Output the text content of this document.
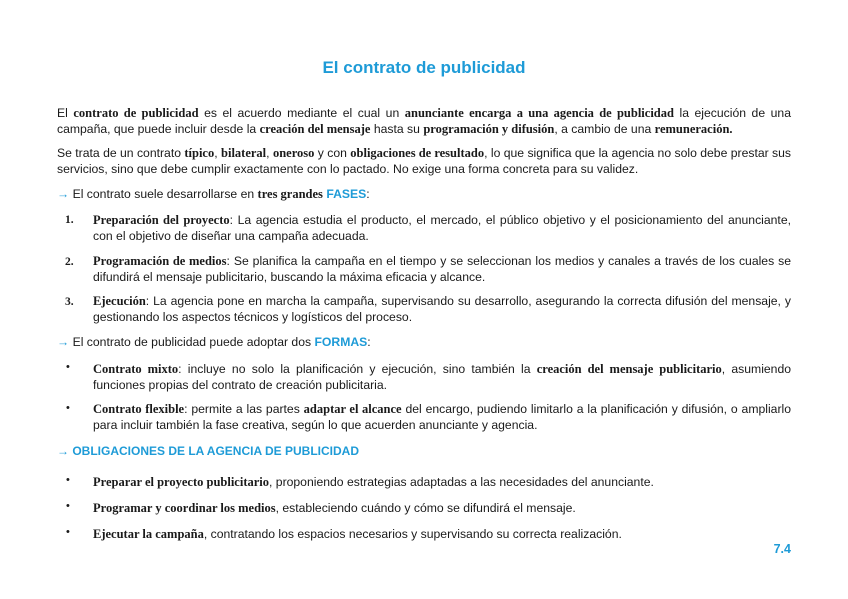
El contrato de publicidad
El contrato de publicidad es el acuerdo mediante el cual un anunciante encarga a una agencia de publicidad la ejecución de una campaña, que puede incluir desde la creación del mensaje hasta su programación y difusión, a cambio de una remuneración.
Se trata de un contrato típico, bilateral, oneroso y con obligaciones de resultado, lo que significa que la agencia no solo debe prestar sus servicios, sino que debe cumplir exactamente con lo pactado. No exige una forma concreta para su validez.
→ El contrato suele desarrollarse en tres grandes FASES:
1.	Preparación del proyecto: La agencia estudia el producto, el mercado, el público objetivo y el posicionamiento del anunciante, con el objetivo de diseñar una campaña adecuada.
2.	Programación de medios: Se planifica la campaña en el tiempo y se seleccionan los medios y canales a través de los cuales se difundirá el mensaje publicitario, buscando la máxima eficacia y alcance.
3.	Ejecución: La agencia pone en marcha la campaña, supervisando su desarrollo, asegurando la correcta difusión del mensaje, y gestionando los aspectos técnicos y logísticos del proceso.
→ El contrato de publicidad puede adoptar dos FORMAS:
• Contrato mixto: incluye no solo la planificación y ejecución, sino también la creación del mensaje publicitario, asumiendo funciones propias del contrato de creación publicitaria.
• Contrato flexible: permite a las partes adaptar el alcance del encargo, pudiendo limitarlo a la planificación y difusión, o ampliarlo para incluir también la fase creativa, según lo que acuerden anunciante y agencia.
→ OBLIGACIONES DE LA AGENCIA DE PUBLICIDAD
• Preparar el proyecto publicitario, proponiendo estrategias adaptadas a las necesidades del anunciante.
• Programar y coordinar los medios, estableciendo cuándo y cómo se difundirá el mensaje.
• Ejecutar la campaña, contratando los espacios necesarios y supervisando su correcta realización.
7.4
